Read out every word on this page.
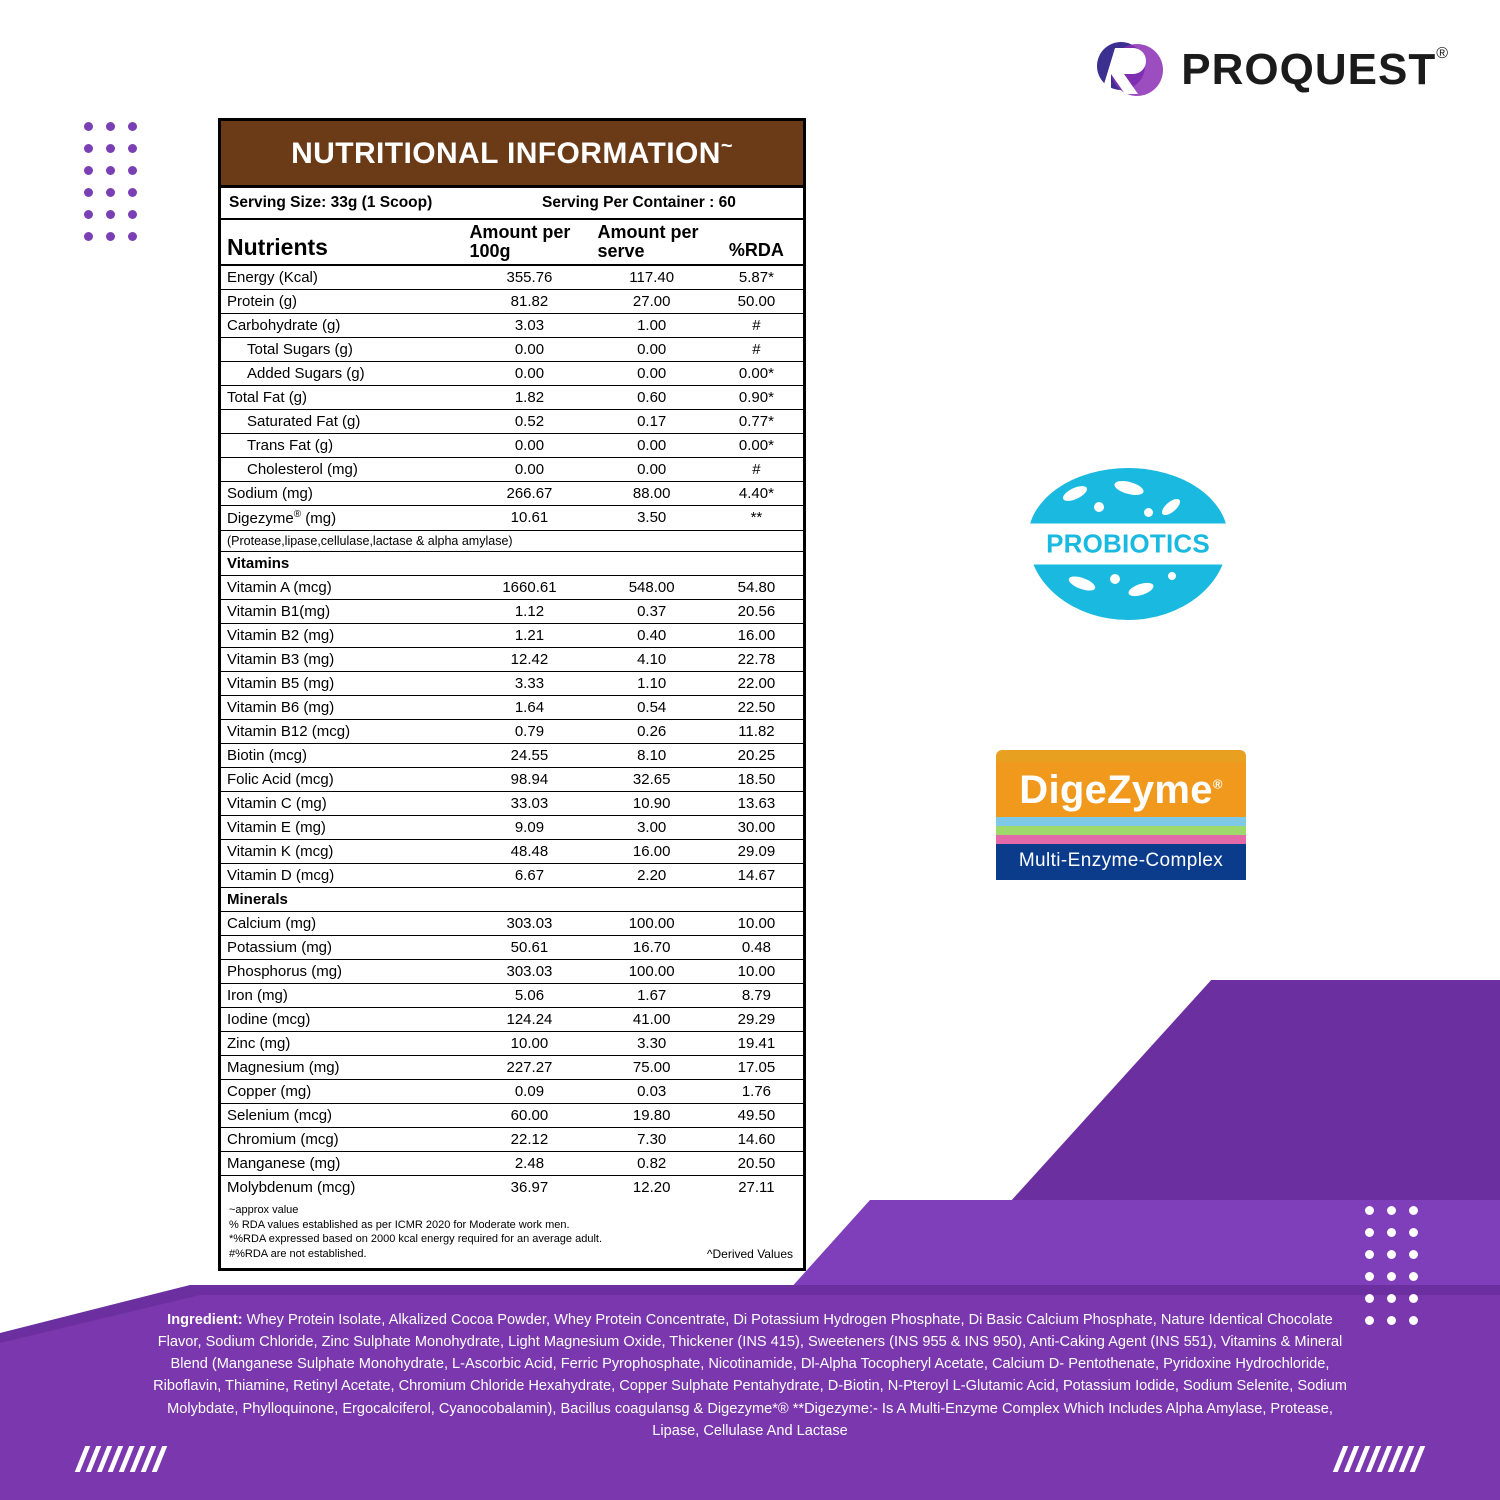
PROQUEST ®
NUTRITIONAL INFORMATION~
Serving Size: 33g (1 Scoop)	Serving Per Container : 60
Nutrients	Amount per 100g	Amount per serve	%RDA
Energy (Kcal)	355.76	117.40	5.87*
Protein (g)	81.82	27.00	50.00
Carbohydrate (g)	3.03	1.00	#
Total Sugars (g)	0.00	0.00	#
Added Sugars (g)	0.00	0.00	0.00*
Total Fat (g)	1.82	0.60	0.90*
Saturated Fat (g)	0.52	0.17	0.77*
Trans Fat (g)	0.00	0.00	0.00*
Cholesterol (mg)	0.00	0.00	#
Sodium (mg)	266.67	88.00	4.40*
Digezyme® (mg)	10.61	3.50	**
(Protease,lipase,cellulase,lactase & alpha amylase)			
Vitamins			
Vitamin A (mcg)	1660.61	548.00	54.80
Vitamin B1(mg)	1.12	0.37	20.56
Vitamin B2 (mg)	1.21	0.40	16.00
Vitamin B3 (mg)	12.42	4.10	22.78
Vitamin B5 (mg)	3.33	1.10	22.00
Vitamin B6 (mg)	1.64	0.54	22.50
Vitamin B12 (mcg)	0.79	0.26	11.82
Biotin (mcg)	24.55	8.10	20.25
Folic Acid (mcg)	98.94	32.65	18.50
Vitamin C (mg)	33.03	10.90	13.63
Vitamin E (mg)	9.09	3.00	30.00
Vitamin K (mcg)	48.48	16.00	29.09
Vitamin D (mcg)	6.67	2.20	14.67
Minerals			
Calcium (mg)	303.03	100.00	10.00
Potassium (mg)	50.61	16.70	0.48
Phosphorus (mg)	303.03	100.00	10.00
Iron (mg)	5.06	1.67	8.79
Iodine (mcg)	124.24	41.00	29.29
Zinc (mg)	10.00	3.30	19.41
Magnesium (mg)	227.27	75.00	17.05
Copper (mg)	0.09	0.03	1.76
Selenium (mcg)	60.00	19.80	49.50
Chromium (mcg)	22.12	7.30	14.60
Manganese (mg)	2.48	0.82	20.50
Molybdenum (mcg)	36.97	12.20	27.11
~approx value
% RDA values established as per ICMR 2020 for Moderate work men.
*%RDA expressed based on 2000 kcal energy required for an average adult.
#%RDA are not established.	^Derived Values
PROBIOTICS
DigeZyme®
Multi-Enzyme-Complex
Ingredient: Whey Protein Isolate, Alkalized Cocoa Powder, Whey Protein Concentrate, Di Potassium Hydrogen Phosphate, Di Basic Calcium Phosphate, Nature Identical Chocolate Flavor, Sodium Chloride, Zinc Sulphate Monohydrate, Light Magnesium Oxide, Thickener (INS 415), Sweeteners (INS 955 & INS 950), Anti-Caking Agent (INS 551), Vitamins & Mineral Blend (Manganese Sulphate Monohydrate, L-Ascorbic Acid, Ferric Pyrophosphate, Nicotinamide, Dl-Alpha Tocopheryl Acetate, Calcium D- Pentothenate, Pyridoxine Hydrochloride, Riboflavin, Thiamine, Retinyl Acetate, Chromium Chloride Hexahydrate, Copper Sulphate Pentahydrate, D-Biotin, N-Pteroyl L-Glutamic Acid, Potassium Iodide, Sodium Selenite, Sodium Molybdate, Phylloquinone, Ergocalciferol, Cyanocobalamin), Bacillus coagulansg & Digezyme*® **Digezyme:- Is A Multi-Enzyme Complex Which Includes Alpha Amylase, Protease, Lipase, Cellulase And Lactase
